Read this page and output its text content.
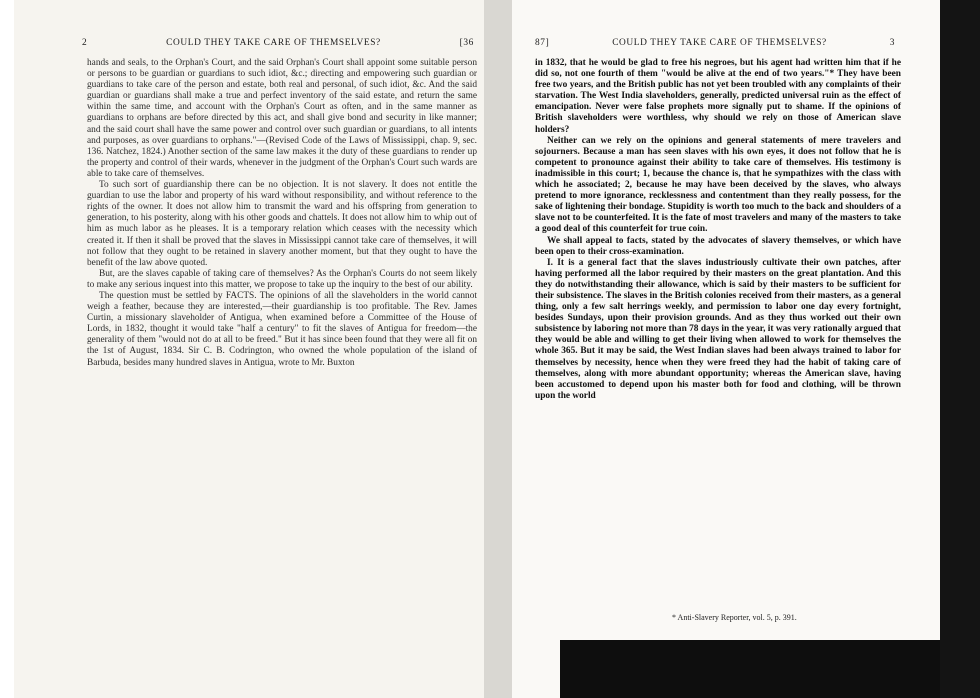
2	COULD THEY TAKE CARE OF THEMSELVES?	[36

hands and seals, to the Orphan's Court, and the said Orphan's Court shall appoint some suitable person or persons to be guardian or guardians to such idiot, &c.; directing and empowering such guardian or guardians to take care of the person and estate, both real and personal, of such idiot, &c. And the said guardian or guardians shall make a true and perfect inventory of the said estate, and return the same within the same time, and account with the Orphan's Court as often, and in the same manner as guardians to orphans are before directed by this act, and shall give bond and security in like manner; and the said court shall have the same power and control over such guardian or guardians, to all intents and purposes, as over guardians to orphans."—(Revised Code of the Laws of Mississippi, chap. 9, sec. 136. Natchez, 1824.) Another section of the same law makes it the duty of these guardians to render up the property and control of their wards, whenever in the judgment of the Orphan's Court such wards are able to take care of themselves.

To such sort of guardianship there can be no objection. It is not slavery. It does not entitle the guardian to use the labor and property of his ward without responsibility, and without reference to the rights of the owner. It does not allow him to transmit the ward and his offspring from generation to generation, to his posterity, along with his other goods and chattels. It does not allow him to whip out of him as much labor as he pleases. It is a temporary relation which ceases with the necessity which created it. If then it shall be proved that the slaves in Mississippi cannot take care of themselves, it will not follow that they ought to be retained in slavery another moment, but that they ought to have the benefit of the law above quoted.

But, are the slaves capable of taking care of themselves? As the Orphan's Courts do not seem likely to make any serious inquest into this matter, we propose to take up the inquiry to the best of our ability.

The question must be settled by FACTS. The opinions of all the slaveholders in the world cannot weigh a feather, because they are interested,—their guardianship is too profitable. The Rev. James Curtin, a missionary slaveholder of Antigua, when examined before a Committee of the House of Lords, in 1832, thought it would take "half a century" to fit the slaves of Antigua for freedom—the generality of them "would not do at all to be freed." But it has since been found that they were all fit on the 1st of August, 1834. Sir C. B. Codrington, who owned the whole population of the island of Barbuda, besides many hundred slaves in Antigua, wrote to Mr. Buxton

87]	COULD THEY TAKE CARE OF THEMSELVES?	3

in 1832, that he would be glad to free his negroes, but his agent had written him that if he did so, not one fourth of them "would be alive at the end of two years."* They have been free two years, and the British public has not yet been troubled with any complaints of their starvation. The West India slaveholders, generally, predicted universal ruin as the effect of emancipation. Never were false prophets more signally put to shame. If the opinions of British slaveholders were worthless, why should we rely on those of American slave holders?

Neither can we rely on the opinions and general statements of mere travelers and sojourners. Because a man has seen slaves with his own eyes, it does not follow that he is competent to pronounce against their ability to take care of themselves. His testimony is inadmissible in this court; 1, because the chance is, that he sympathizes with the class with which he associated; 2, because he may have been deceived by the slaves, who always pretend to more ignorance, recklessness and contentment than they really possess, for the sake of lightening their bondage. Stupidity is worth too much to the back and shoulders of a slave not to be counterfeited. It is the fate of most travelers and many of the masters to take a good deal of this counterfeit for true coin.

We shall appeal to facts, stated by the advocates of slavery themselves, or which have been open to their cross-examination.

I. It is a general fact that the slaves industriously cultivate their own patches, after having performed all the labor required by their masters on the great plantation. And this they do notwithstanding their allowance, which is said by their masters to be sufficient for their subsistence. The slaves in the British colonies received from their masters, as a general thing, only a few salt herrings weekly, and permission to labor one day every fortnight, besides Sundays, upon their provision grounds. And as they thus worked out their own subsistence by laboring not more than 78 days in the year, it was very rationally argued that they would be able and willing to get their living when allowed to work for themselves the whole 365. But it may be said, the West Indian slaves had been always trained to labor for themselves by necessity, hence when they were freed they had the habit of taking care of themselves, along with more abundant opportunity; whereas the American slave, having been accustomed to depend upon his master both for food and clothing, will be thrown upon the world

* Anti-Slavery Reporter, vol. 5, p. 391.
